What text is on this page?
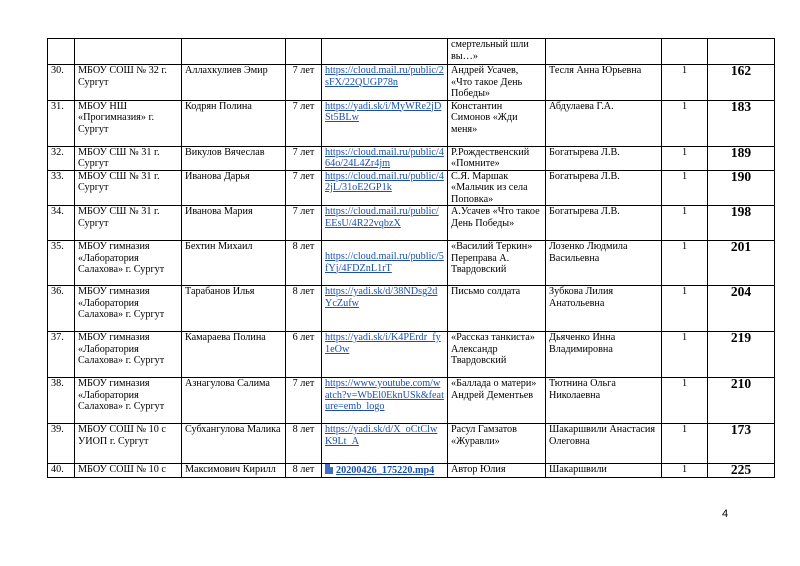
					смертельный шли вы…»			
30.	МБОУ СОШ № 32 г. Сургут	Аллахкулиев Эмир	7 лет	https://cloud.mail.ru/public/2sFX/22QUGP78n	Андрей Усачев, «Что такое День Победы»	Тесля Анна Юрьевна	1	162
31.	МБОУ НШ «Прогимназия» г. Сургут	Кодрян Полина	7 лет	https://yadi.sk/i/MyWRe2jDSt5BLw	Константин Симонов «Жди меня»	Абдулаева Г.А.	1	183
32.	МБОУ СШ № 31 г. Сургут	Викулов Вячеслав	7 лет	https://cloud.mail.ru/public/464o/24L4Zr4jm	Р.Рождественский «Помните»	Богатырева Л.В.	1	189
33.	МБОУ СШ № 31 г. Сургут	Иванова Дарья	7 лет	https://cloud.mail.ru/public/42jL/31oE2GP1k	С.Я. Маршак «Мальчик из села Поповка»	Богатырева Л.В.	1	190
34.	МБОУ СШ № 31 г. Сургут	Иванова Мария	7 лет	https://cloud.mail.ru/public/EEsU/4R22vqbzX	А.Усачев «Что такое День Победы»	Богатырева Л.В.	1	198
35.	МБОУ гимназия «Лаборатория Салахова» г. Сургут	Бехтин Михаил	8 лет	https://cloud.mail.ru/public/5fYj/4FDZnL1rT	«Василий Теркин» Переправа А. Твардовский	Лозенко Людмила Васильевна	1	201
36.	МБОУ гимназия «Лаборатория Салахова» г. Сургут	Тарабанов Илья	8 лет	https://yadi.sk/d/38NDsg2dYcZufw	Письмо солдата	Зубкова Лилия Анатольевна	1	204
37.	МБОУ гимназия «Лаборатория Салахова» г. Сургут	Камараева Полина	6 лет	https://yadi.sk/i/K4PErdr_fy1eOw	«Рассказ танкиста» Александр Твардовский	Дьяченко Инна Владимировна	1	219
38.	МБОУ гимназия «Лаборатория Салахова» г. Сургут	Азнагулова Салима	7 лет	https://www.youtube.com/watch?v=WbEl0EknUSk&feature=emb_logo	«Баллада о матери» Андрей Дементьев	Тютнина Ольга Николаевна	1	210
39.	МБОУ СОШ № 10 с УИОП г. Сургут	Субхангулова Малика	8 лет	https://yadi.sk/d/X_oCtClwK9Lt_A	Расул Гамзатов «Журавли»	Шакаршвили Анастасия Олеговна	1	173
40.	МБОУ СОШ № 10 с	Максимович Кирилл	8 лет	20200426_175220.mp4	Автор Юлия	Шакаршвили	1	225
4
